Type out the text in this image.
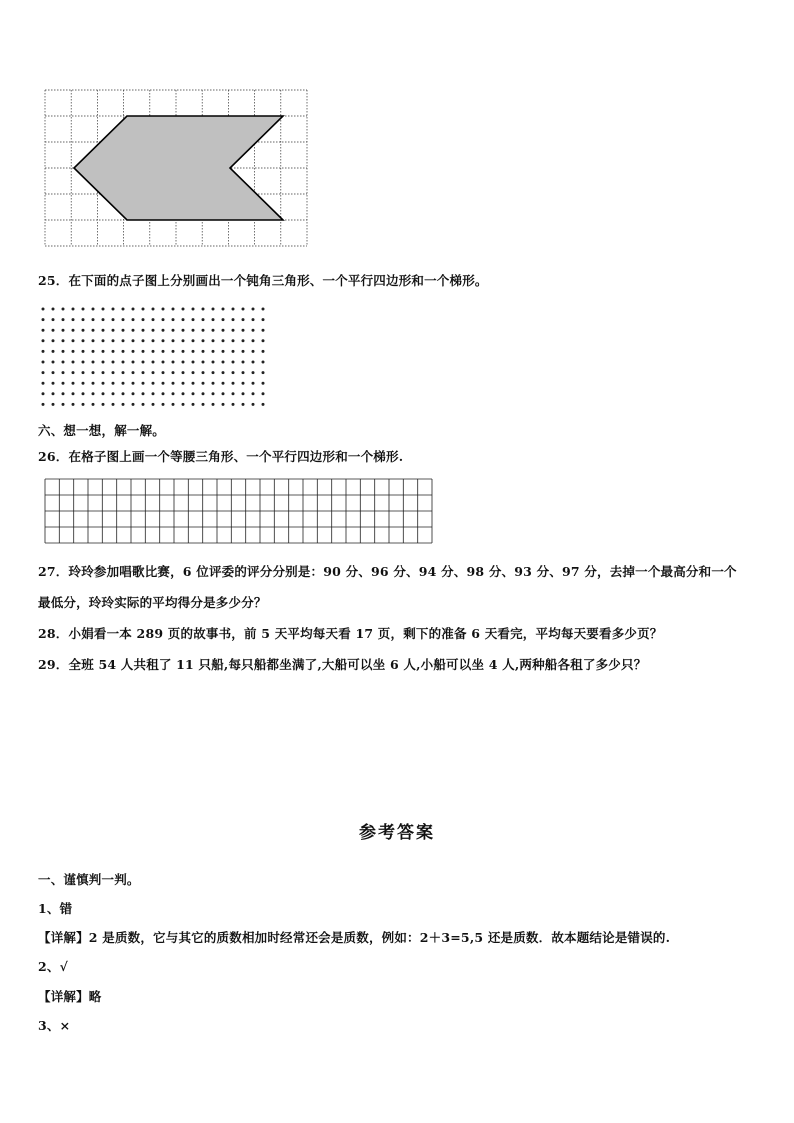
25．在下面的点子图上分别画出一个钝角三角形、一个平行四边形和一个梯形。
六、想一想，解一解。
26．在格子图上画一个等腰三角形、一个平行四边形和一个梯形.
27．玲玲参加唱歌比赛，6 位评委的评分分别是：90 分、96 分、94 分、98 分、93 分、97 分，去掉一个最高分和一个
最低分，玲玲实际的平均得分是多少分？
28．小娟看一本 289 页的故事书，前 5 天平均每天看 17 页，剩下的准备 6 天看完，平均每天要看多少页？
29．全班 54 人共租了 11 只船,每只船都坐满了,大船可以坐 6 人,小船可以坐 4 人,两种船各租了多少只？
参考答案
一、谨慎判一判。
1、错
【详解】2 是质数，它与其它的质数相加时经常还会是质数，例如：2＋3=5,5 还是质数．故本题结论是错误的.
2、√
【详解】略
3、×
